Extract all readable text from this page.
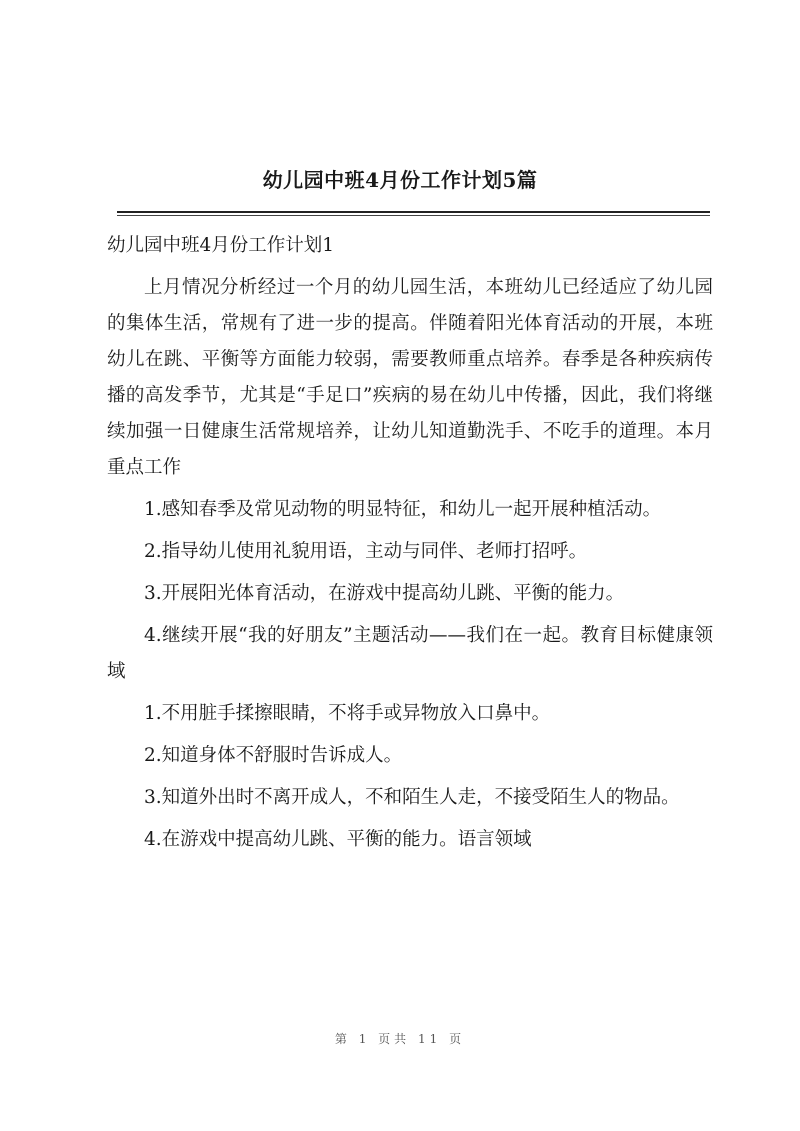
幼儿园中班4月份工作计划5篇

幼儿园中班4月份工作计划1

上月情况分析经过一个月的幼儿园生活，本班幼儿已经适应了幼儿园的集体生活，常规有了进一步的提高。伴随着阳光体育活动的开展，本班幼儿在跳、平衡等方面能力较弱，需要教师重点培养。春季是各种疾病传播的高发季节，尤其是“手足口”疾病的易在幼儿中传播，因此，我们将继续加强一日健康生活常规培养，让幼儿知道勤洗手、不吃手的道理。本月重点工作

1.感知春季及常见动物的明显特征，和幼儿一起开展种植活动。

2.指导幼儿使用礼貌用语，主动与同伴、老师打招呼。

3.开展阳光体育活动，在游戏中提高幼儿跳、平衡的能力。

4.继续开展“我的好朋友”主题活动——我们在一起。教育目标健康领域

1.不用脏手揉擦眼睛，不将手或异物放入口鼻中。

2.知道身体不舒服时告诉成人。

3.知道外出时不离开成人，不和陌生人走，不接受陌生人的物品。

4.在游戏中提高幼儿跳、平衡的能力。语言领域

第 1 页共 11 页
